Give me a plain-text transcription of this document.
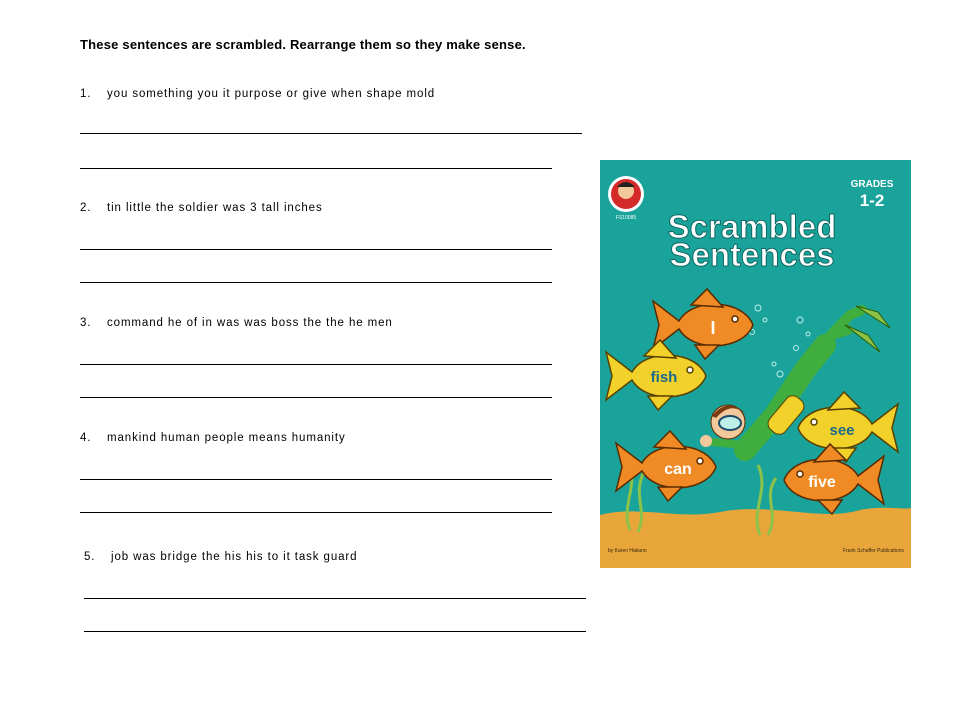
These sentences are scrambled. Rearrange them so they make sense.
1. you something you it purpose or give when shape mold
2. tin little the soldier was 3 tall inches
3. command he of in was was boss the the he men
4. mankind human people means humanity
5. job was bridge the his his to it task guard
FS10085
GRADES
1-2
Scrambled
Sentences
I
fish
see
can
five
by Karen Hakano	Frank Schaffer Publications
